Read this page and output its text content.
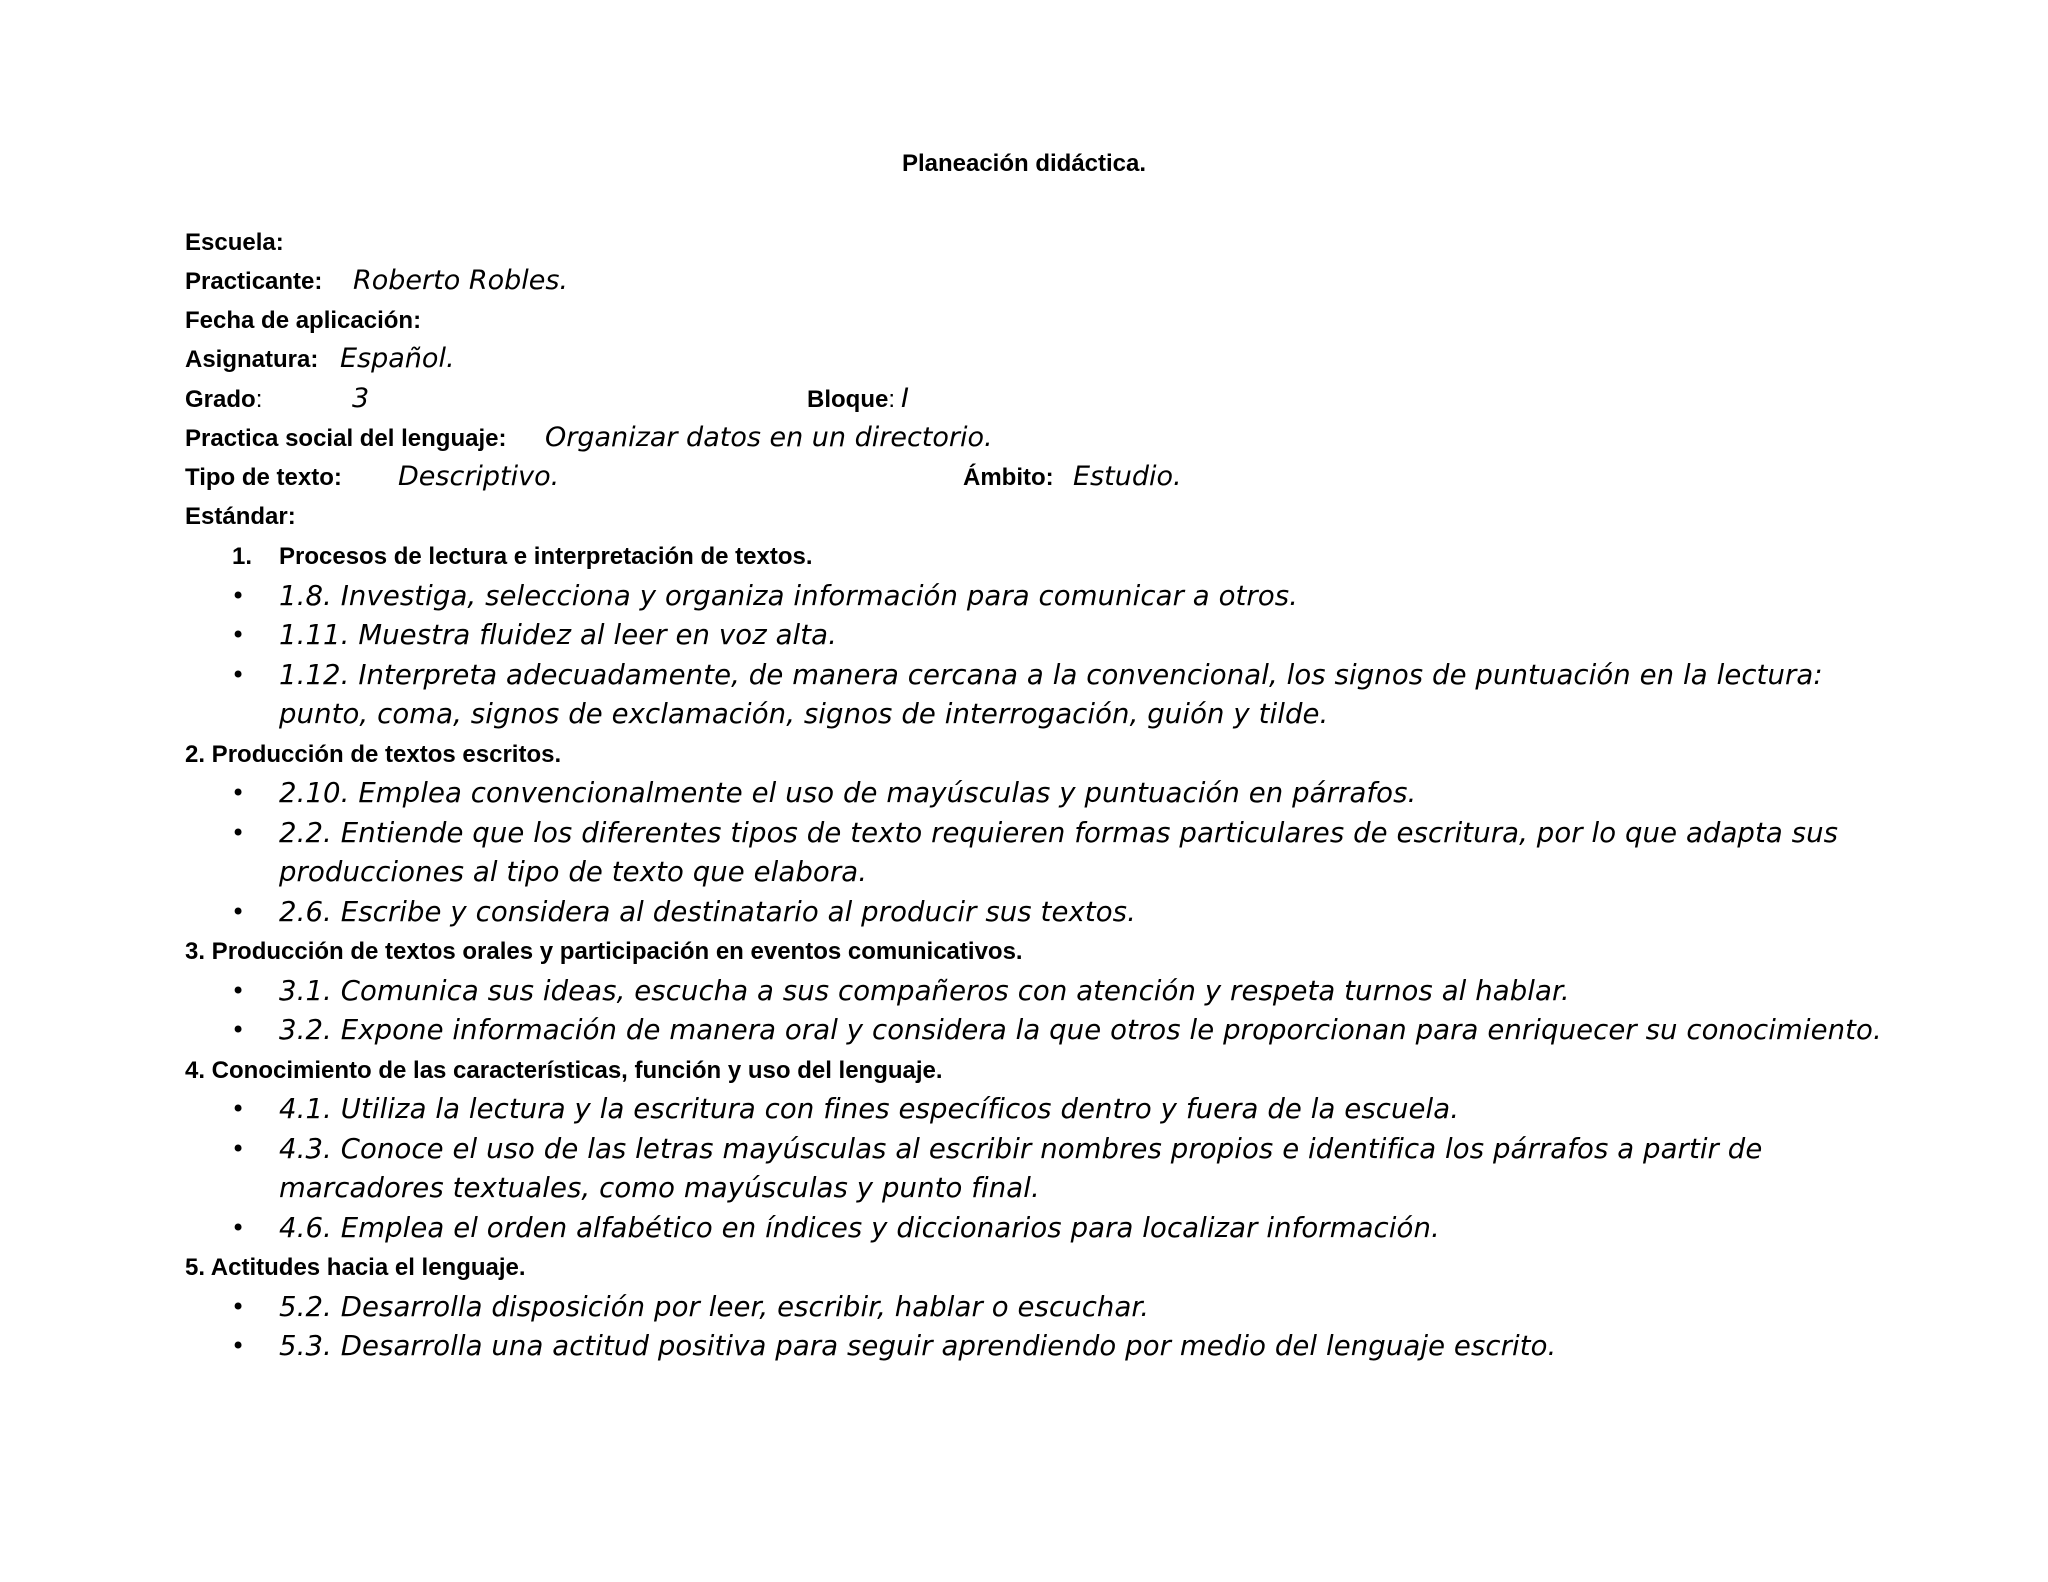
Planeación didáctica.
Escuela:
Practicante: Roberto Robles.
Fecha de aplicación:
Asignatura: Español.
Grado:	3	Bloque: I
Practica social del lenguaje: Organizar datos en un directorio.
Tipo de texto: Descriptivo.	Ámbito: Estudio.
Estándar:
1. Procesos de lectura e interpretación de textos.
• 1.8. Investiga, selecciona y organiza información para comunicar a otros.
• 1.11. Muestra fluidez al leer en voz alta.
• 1.12. Interpreta adecuadamente, de manera cercana a la convencional, los signos de puntuación en la lectura: punto, coma, signos de exclamación, signos de interrogación, guión y tilde.
2. Producción de textos escritos.
• 2.10. Emplea convencionalmente el uso de mayúsculas y puntuación en párrafos.
• 2.2. Entiende que los diferentes tipos de texto requieren formas particulares de escritura, por lo que adapta sus producciones al tipo de texto que elabora.
• 2.6. Escribe y considera al destinatario al producir sus textos.
3. Producción de textos orales y participación en eventos comunicativos.
• 3.1. Comunica sus ideas, escucha a sus compañeros con atención y respeta turnos al hablar.
• 3.2. Expone información de manera oral y considera la que otros le proporcionan para enriquecer su conocimiento.
4. Conocimiento de las características, función y uso del lenguaje.
• 4.1. Utiliza la lectura y la escritura con fines específicos dentro y fuera de la escuela.
• 4.3. Conoce el uso de las letras mayúsculas al escribir nombres propios e identifica los párrafos a partir de marcadores textuales, como mayúsculas y punto final.
• 4.6. Emplea el orden alfabético en índices y diccionarios para localizar información.
5. Actitudes hacia el lenguaje.
• 5.2. Desarrolla disposición por leer, escribir, hablar o escuchar.
• 5.3. Desarrolla una actitud positiva para seguir aprendiendo por medio del lenguaje escrito.
